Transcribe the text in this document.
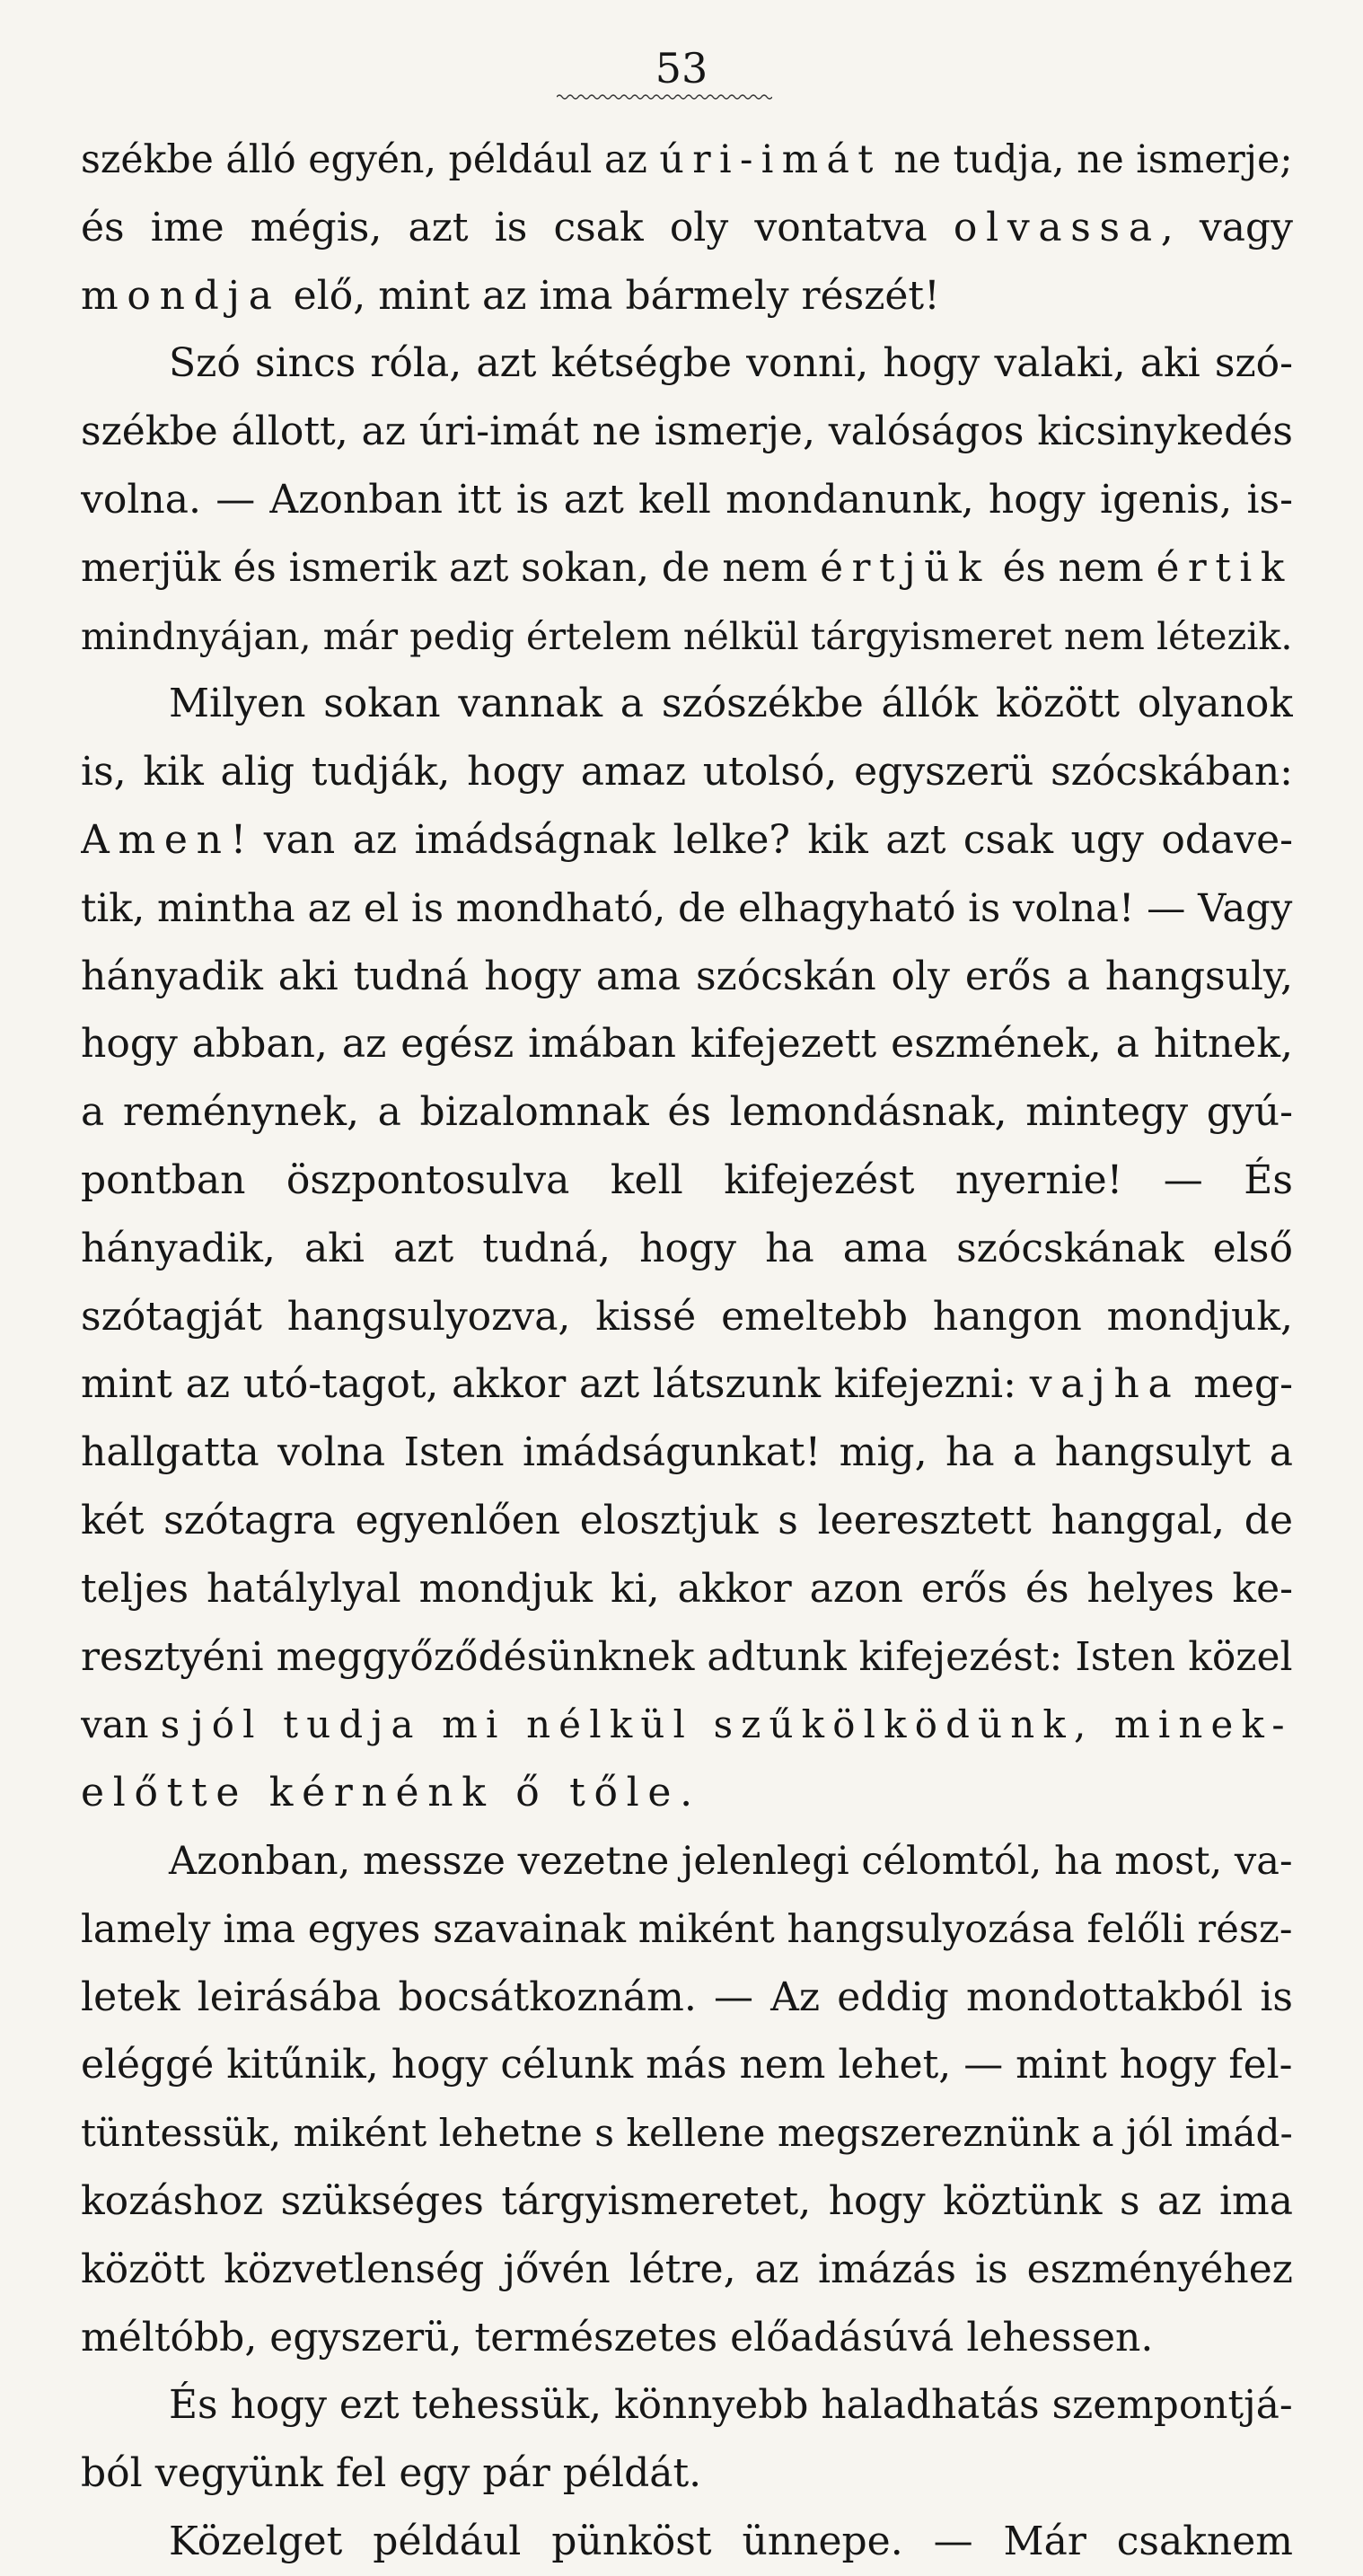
53
székbe álló egyén, például az úri-imát ne tudja, ne ismerje;
és ime mégis, azt is csak oly vontatva olvassa, vagy
mondja elő, mint az ima bármely részét!
Szó sincs róla, azt kétségbe vonni, hogy valaki, aki szó-
székbe állott, az úri-imát ne ismerje, valóságos kicsinykedés
volna. — Azonban itt is azt kell mondanunk, hogy igenis, is-
merjük és ismerik azt sokan, de nem értjük és nem értik
mindnyájan, már pedig értelem nélkül tárgyismeret nem létezik.
Milyen sokan vannak a szószékbe állók között olyanok
is, kik alig tudják, hogy amaz utolsó, egyszerü szócskában:
Amen! van az imádságnak lelke? kik azt csak ugy odave-
tik, mintha az el is mondható, de elhagyható is volna! — Vagy
hányadik aki tudná hogy ama szócskán oly erős a hangsuly,
hogy abban, az egész imában kifejezett eszmének, a hitnek,
a reménynek, a bizalomnak és lemondásnak, mintegy gyú-
pontban öszpontosulva kell kifejezést nyernie! — És
hányadik, aki azt tudná, hogy ha ama szócskának első
szótagját hangsulyozva, kissé emeltebb hangon mondjuk,
mint az utó-tagot, akkor azt látszunk kifejezni: vajha meg-
hallgatta volna Isten imádságunkat! mig, ha a hangsulyt a
két szótagra egyenlően elosztjuk s leeresztett hanggal, de
teljes hatálylyal mondjuk ki, akkor azon erős és helyes ke-
resztyéni meggyőződésünknek adtunk kifejezést: Isten közel
van s jól tudja mi nélkül szűkölködünk, minek-
előtte kérnénk ő tőle.
Azonban, messze vezetne jelenlegi célomtól, ha most, va-
lamely ima egyes szavainak miként hangsulyozása felőli rész-
letek leirásába bocsátkoznám. — Az eddig mondottakból is
eléggé kitűnik, hogy célunk más nem lehet, — mint hogy fel-
tüntessük, miként lehetne s kellene megszereznünk a jól imád-
kozáshoz szükséges tárgyismeretet, hogy köztünk s az ima
között közvetlenség jővén létre, az imázás is eszményéhez
méltóbb, egyszerü, természetes előadásúvá lehessen.
És hogy ezt tehessük, könnyebb haladhatás szempontjá-
ból vegyünk fel egy pár példát.
Közelget például pünköst ünnepe. — Már csaknem
